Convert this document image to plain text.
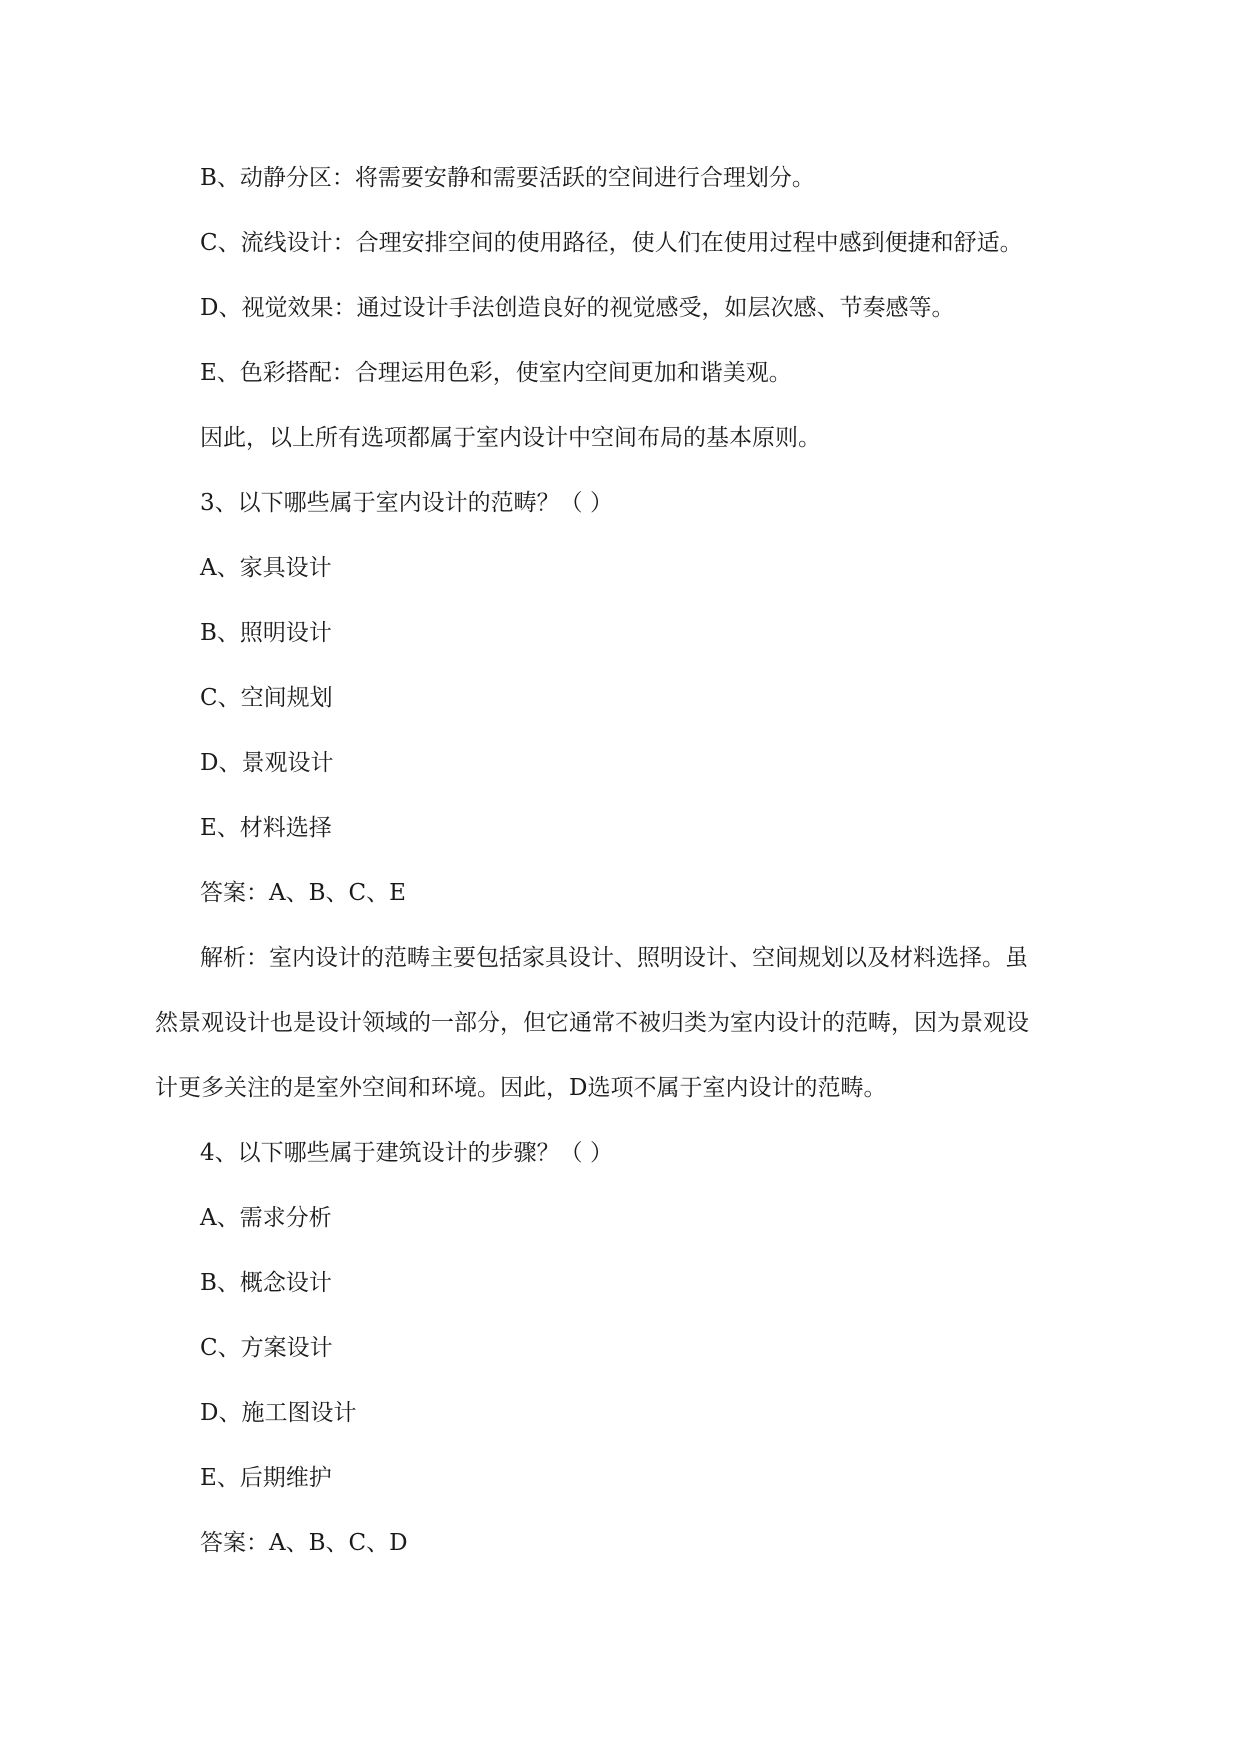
B、动静分区：将需要安静和需要活跃的空间进行合理划分。
C、流线设计：合理安排空间的使用路径，使人们在使用过程中感到便捷和舒适。
D、视觉效果：通过设计手法创造良好的视觉感受，如层次感、节奏感等。
E、色彩搭配：合理运用色彩，使室内空间更加和谐美观。
因此，以上所有选项都属于室内设计中空间布局的基本原则。
3、以下哪些属于室内设计的范畴？（ ）
A、家具设计
B、照明设计
C、空间规划
D、景观设计
E、材料选择
答案：A、B、C、E
解析：室内设计的范畴主要包括家具设计、照明设计、空间规划以及材料选择。虽
然景观设计也是设计领域的一部分，但它通常不被归类为室内设计的范畴，因为景观设
计更多关注的是室外空间和环境。因此，D选项不属于室内设计的范畴。
4、以下哪些属于建筑设计的步骤？（ ）
A、需求分析
B、概念设计
C、方案设计
D、施工图设计
E、后期维护
答案：A、B、C、D
